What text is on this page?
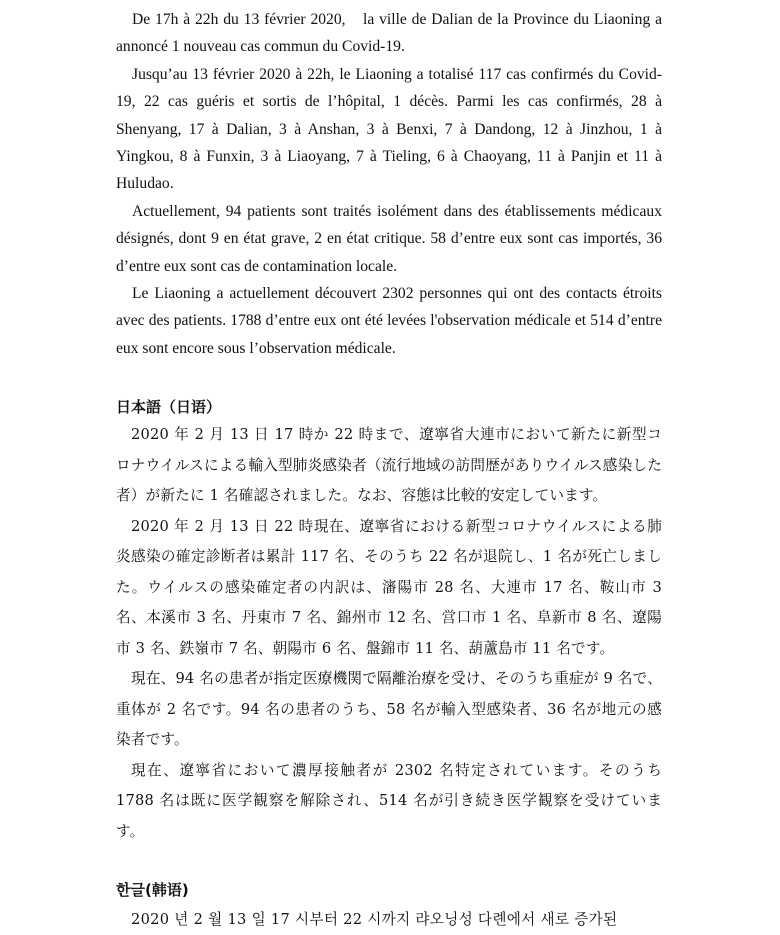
De 17h à 22h du 13 février 2020,　la ville de Dalian de la Province du Liaoning a annoncé 1 nouveau cas commun du Covid-19.

Jusqu’au 13 février 2020 à 22h, le Liaoning a totalisé 117 cas confirmés du Covid-19, 22 cas guéris et sortis de l’hôpital, 1 décès. Parmi les cas confirmés, 28 à Shenyang, 17 à Dalian, 3 à Anshan, 3 à Benxi, 7 à Dandong, 12 à Jinzhou, 1 à Yingkou, 8 à Funxin, 3 à Liaoyang, 7 à Tieling, 6 à Chaoyang, 11 à Panjin et 11 à Huludao.

Actuellement, 94 patients sont traités isolément dans des établissements médicaux désignés, dont 9 en état grave, 2 en état critique. 58 d’entre eux sont cas importés, 36 d’entre eux sont cas de contamination locale.

Le Liaoning a actuellement découvert 2302 personnes qui ont des contacts étroits avec des patients. 1788 d’entre eux ont été levées l'observation médicale et 514 d’entre eux sont encore sous l’observation médicale.

日本語（日语）

2020 年 2 月 13 日 17 時か 22 時まで、遼寧省大連市において新たに新型コロナウイルスによる輸入型肺炎感染者（流行地域の訪問歴がありウイルス感染した者）が新たに 1 名確認されました。なお、容態は比較的安定しています。

2020 年 2 月 13 日 22 時現在、遼寧省における新型コロナウイルスによる肺炎感染の確定診断者は累計 117 名、そのうち 22 名が退院し、1 名が死亡しました。ウイルスの感染確定者の内訳は、瀋陽市 28 名、大連市 17 名、鞍山市 3 名、本溪市 3 名、丹東市 7 名、錦州市 12 名、営口市 1 名、阜新市 8 名、遼陽市 3 名、鉄嶺市 7 名、朝陽市 6 名、盤錦市 11 名、葫蘆島市 11 名です。

現在、94 名の患者が指定医療機関で隔離治療を受け、そのうち重症が 9 名で、重体が 2 名です。94 名の患者のうち、58 名が輸入型感染者、36 名が地元の感染者です。

現在、遼寧省において濃厚接触者が 2302 名特定されています。そのうち 1788 名は既に医学観察を解除され、514 名が引き続き医学観察を受けています。

한글(韩语)

2020 년 2 월 13 일 17 시부터 22 시까지 랴오닝성 다롄에서 새로 증가된
